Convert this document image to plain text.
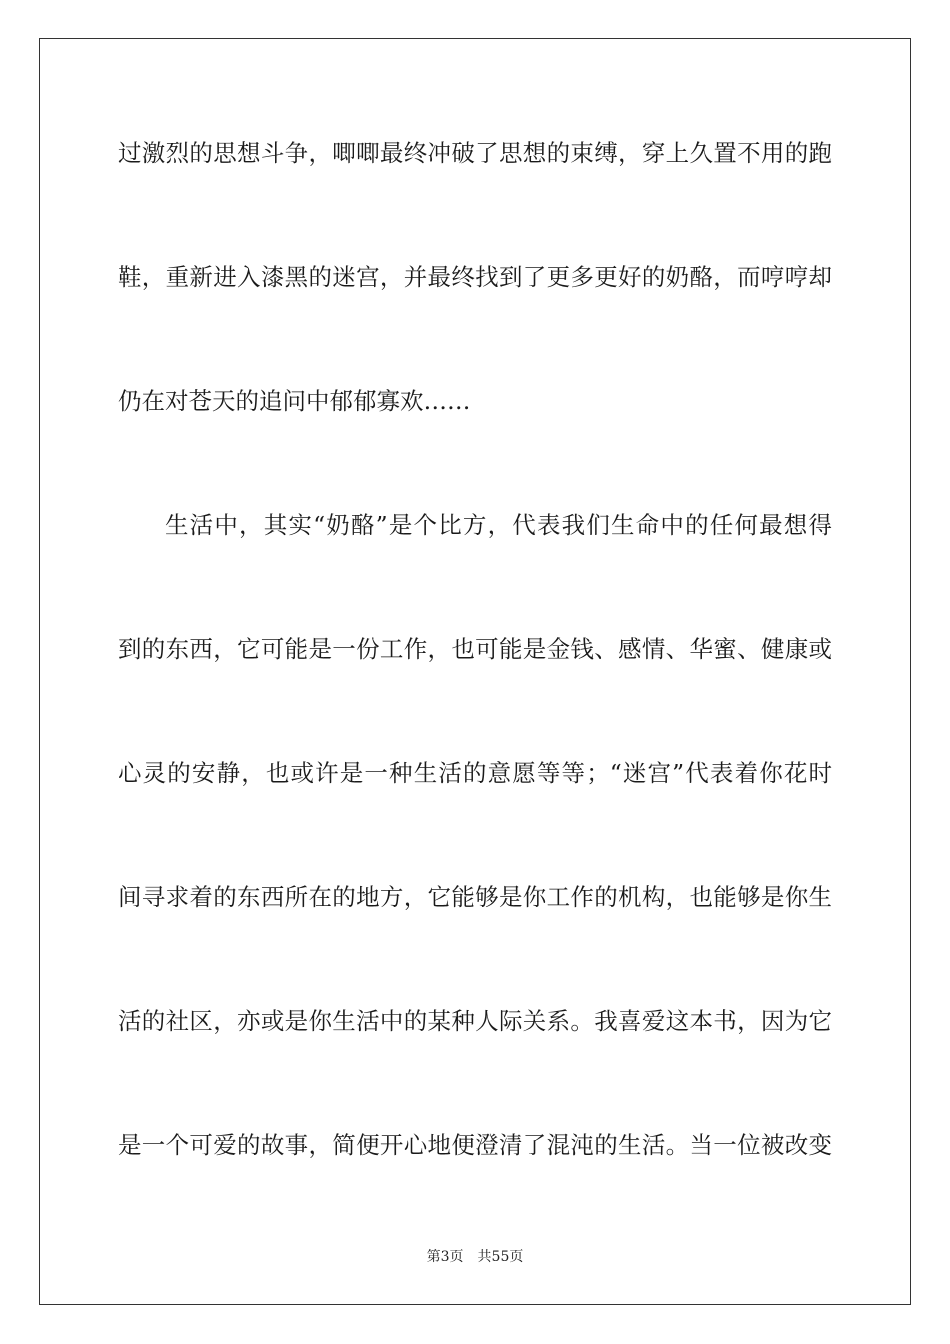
过激烈的思想斗争，唧唧最终冲破了思想的束缚，穿上久置不用的跑
鞋，重新进入漆黑的迷宫，并最终找到了更多更好的奶酪，而哼哼却
仍在对苍天的追问中郁郁寡欢……
生活中，其实“奶酪”是个比方，代表我们生命中的任何最想得
到的东西，它可能是一份工作，也可能是金钱、感情、华蜜、健康或
心灵的安静，也或许是一种生活的意愿等等；“迷宫”代表着你花时
间寻求着的东西所在的地方，它能够是你工作的机构，也能够是你生
活的社区，亦或是你生活中的某种人际关系。我喜爱这本书，因为它
是一个可爱的故事，简便开心地便澄清了混沌的生活。当一位被改变
第3页 共55页
